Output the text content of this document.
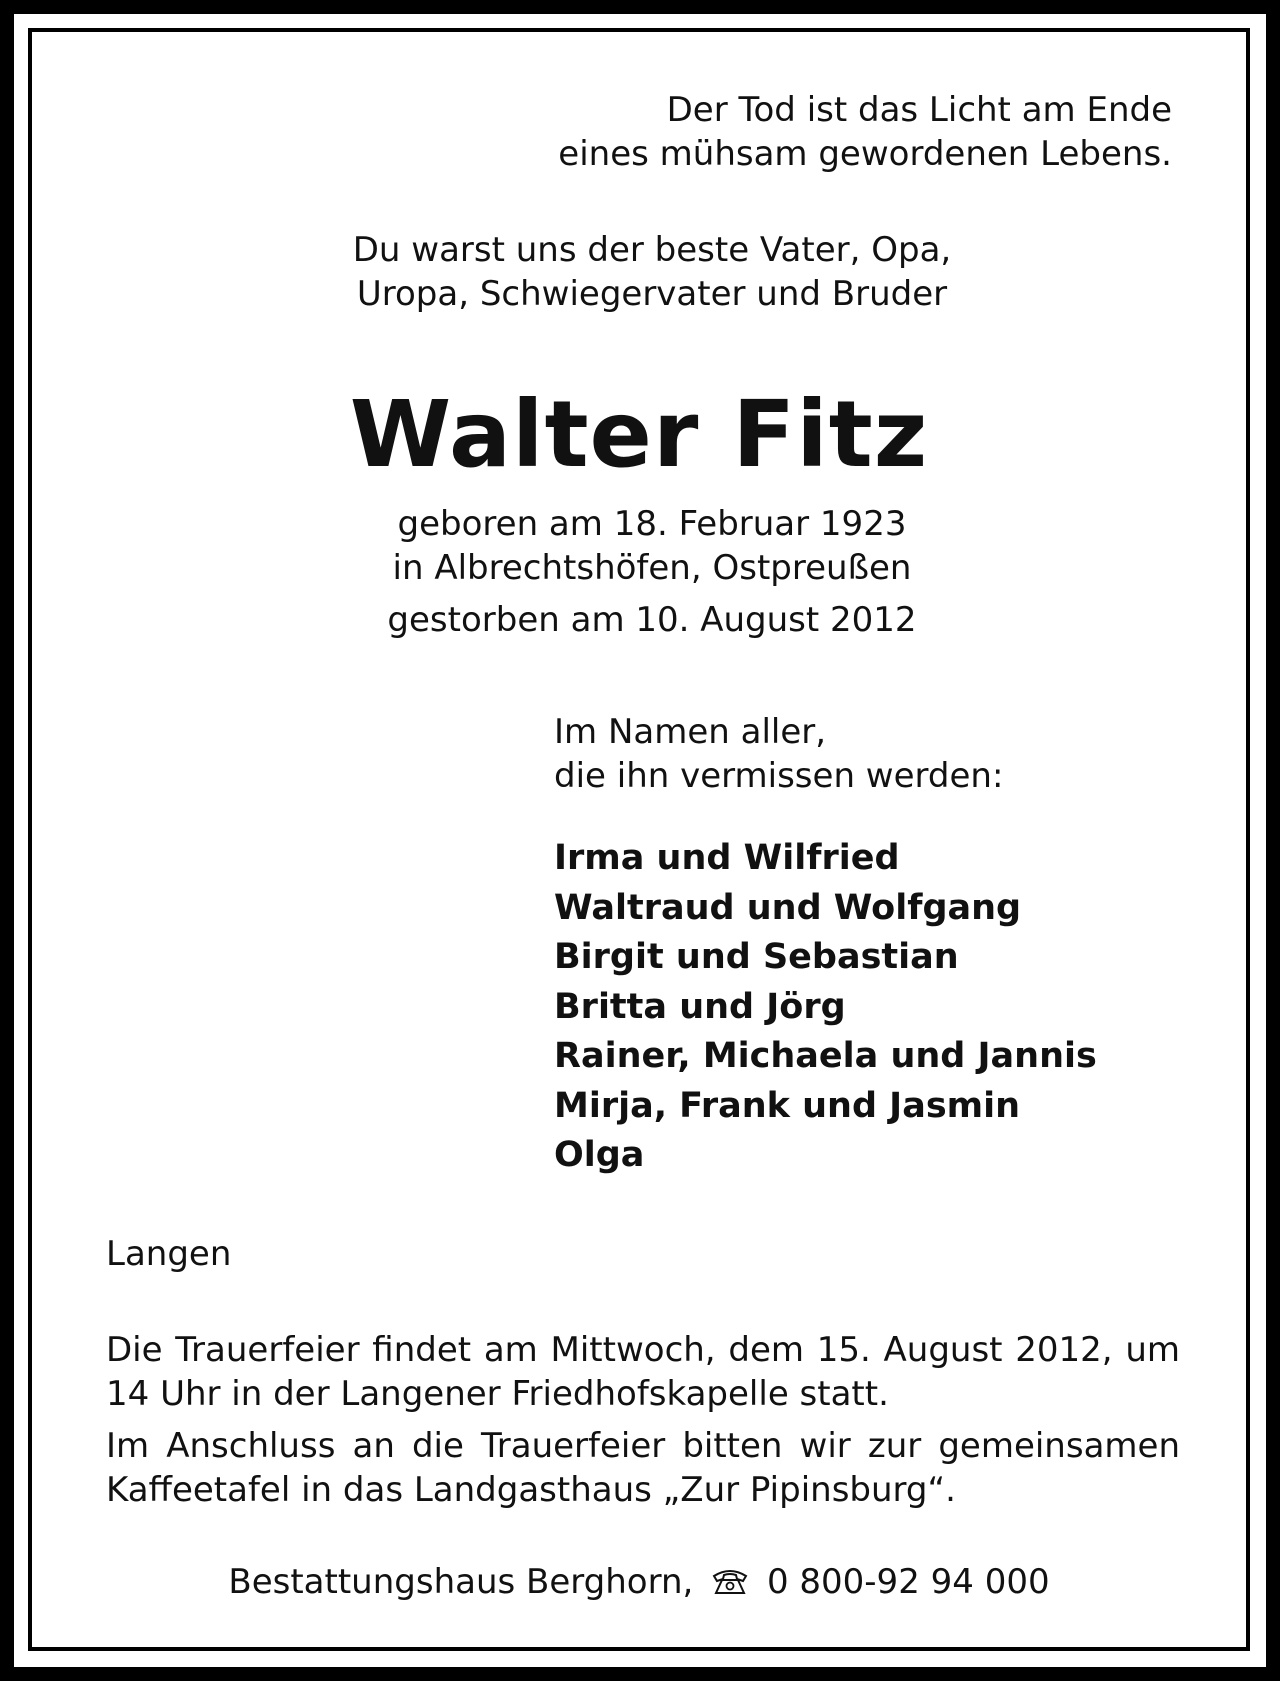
Der Tod ist das Licht am Ende
eines mühsam gewordenen Lebens.
Du warst uns der beste Vater, Opa,
Uropa, Schwiegervater und Bruder
Walter Fitz
geboren am 18. Februar 1923
in Albrechtshöfen, Ostpreußen
gestorben am 10. August 2012
Im Namen aller,
die ihn vermissen werden:
Irma und Wilfried
Waltraud und Wolfgang
Birgit und Sebastian
Britta und Jörg
Rainer, Michaela und Jannis
Mirja, Frank und Jasmin
Olga
Langen

Die Trauerfeier findet am Mittwoch, dem 15. August 2012, um 14 Uhr in der Langener Friedhofskapelle statt.

Im Anschluss an die Trauerfeier bitten wir zur gemeinsamen Kaffeetafel in das Landgasthaus „Zur Pipinsburg“.

Bestattungshaus Berghorn, 0 800-92 94 000
